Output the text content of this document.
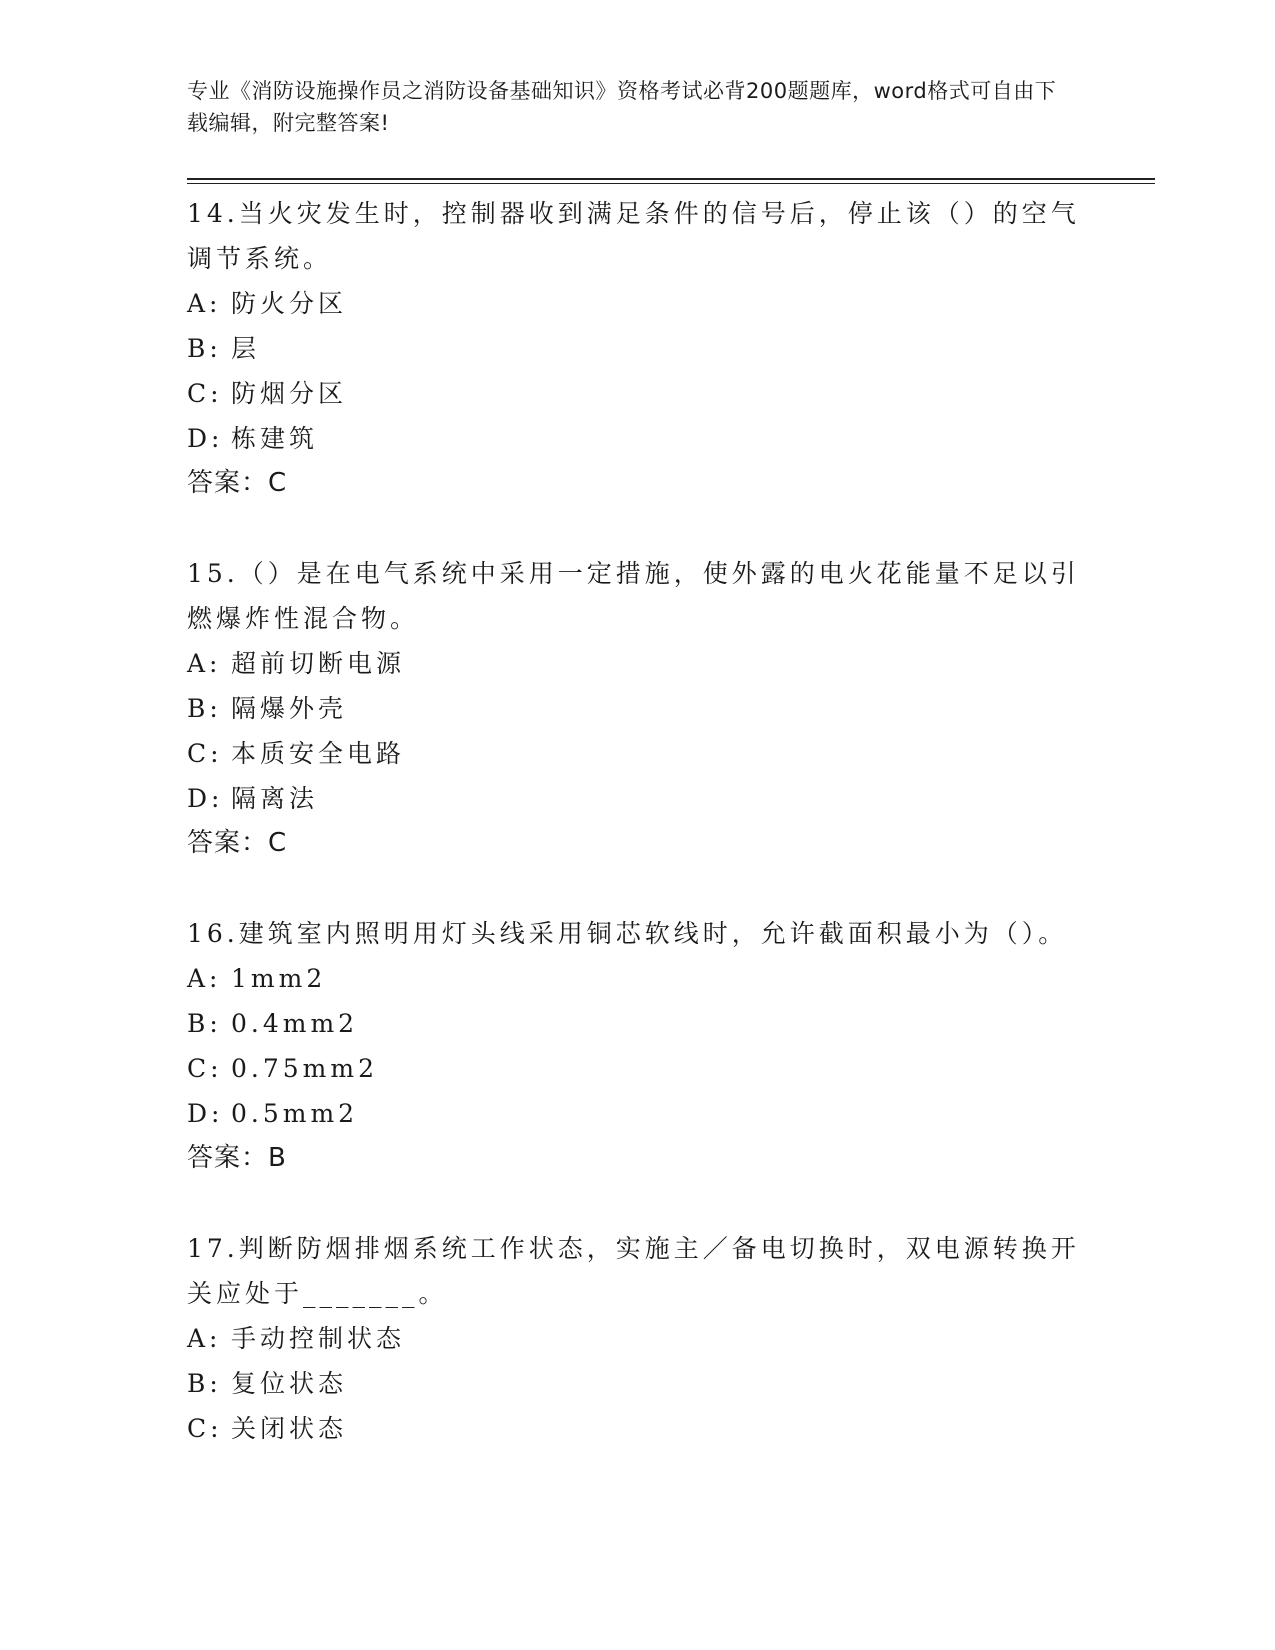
专业《消防设施操作员之消防设备基础知识》资格考试必背200题题库，word格式可自由下载编辑，附完整答案!

14.当火灾发生时，控制器收到满足条件的信号后，停止该（）的空气调节系统。

A: 防火分区

B: 层

C: 防烟分区

D: 栋建筑

答案：C

15.（）是在电气系统中采用一定措施，使外露的电火花能量不足以引燃爆炸性混合物。

A: 超前切断电源

B: 隔爆外壳

C: 本质安全电路

D: 隔离法

答案：C

16.建筑室内照明用灯头线采用铜芯软线时，允许截面积最小为（）。

A: 1mm2

B: 0.4mm2

C: 0.75mm2

D: 0.5mm2

答案：B

17.判断防烟排烟系统工作状态，实施主／备电切换时，双电源转换开关应处于_______。

A: 手动控制状态

B: 复位状态

C: 关闭状态
